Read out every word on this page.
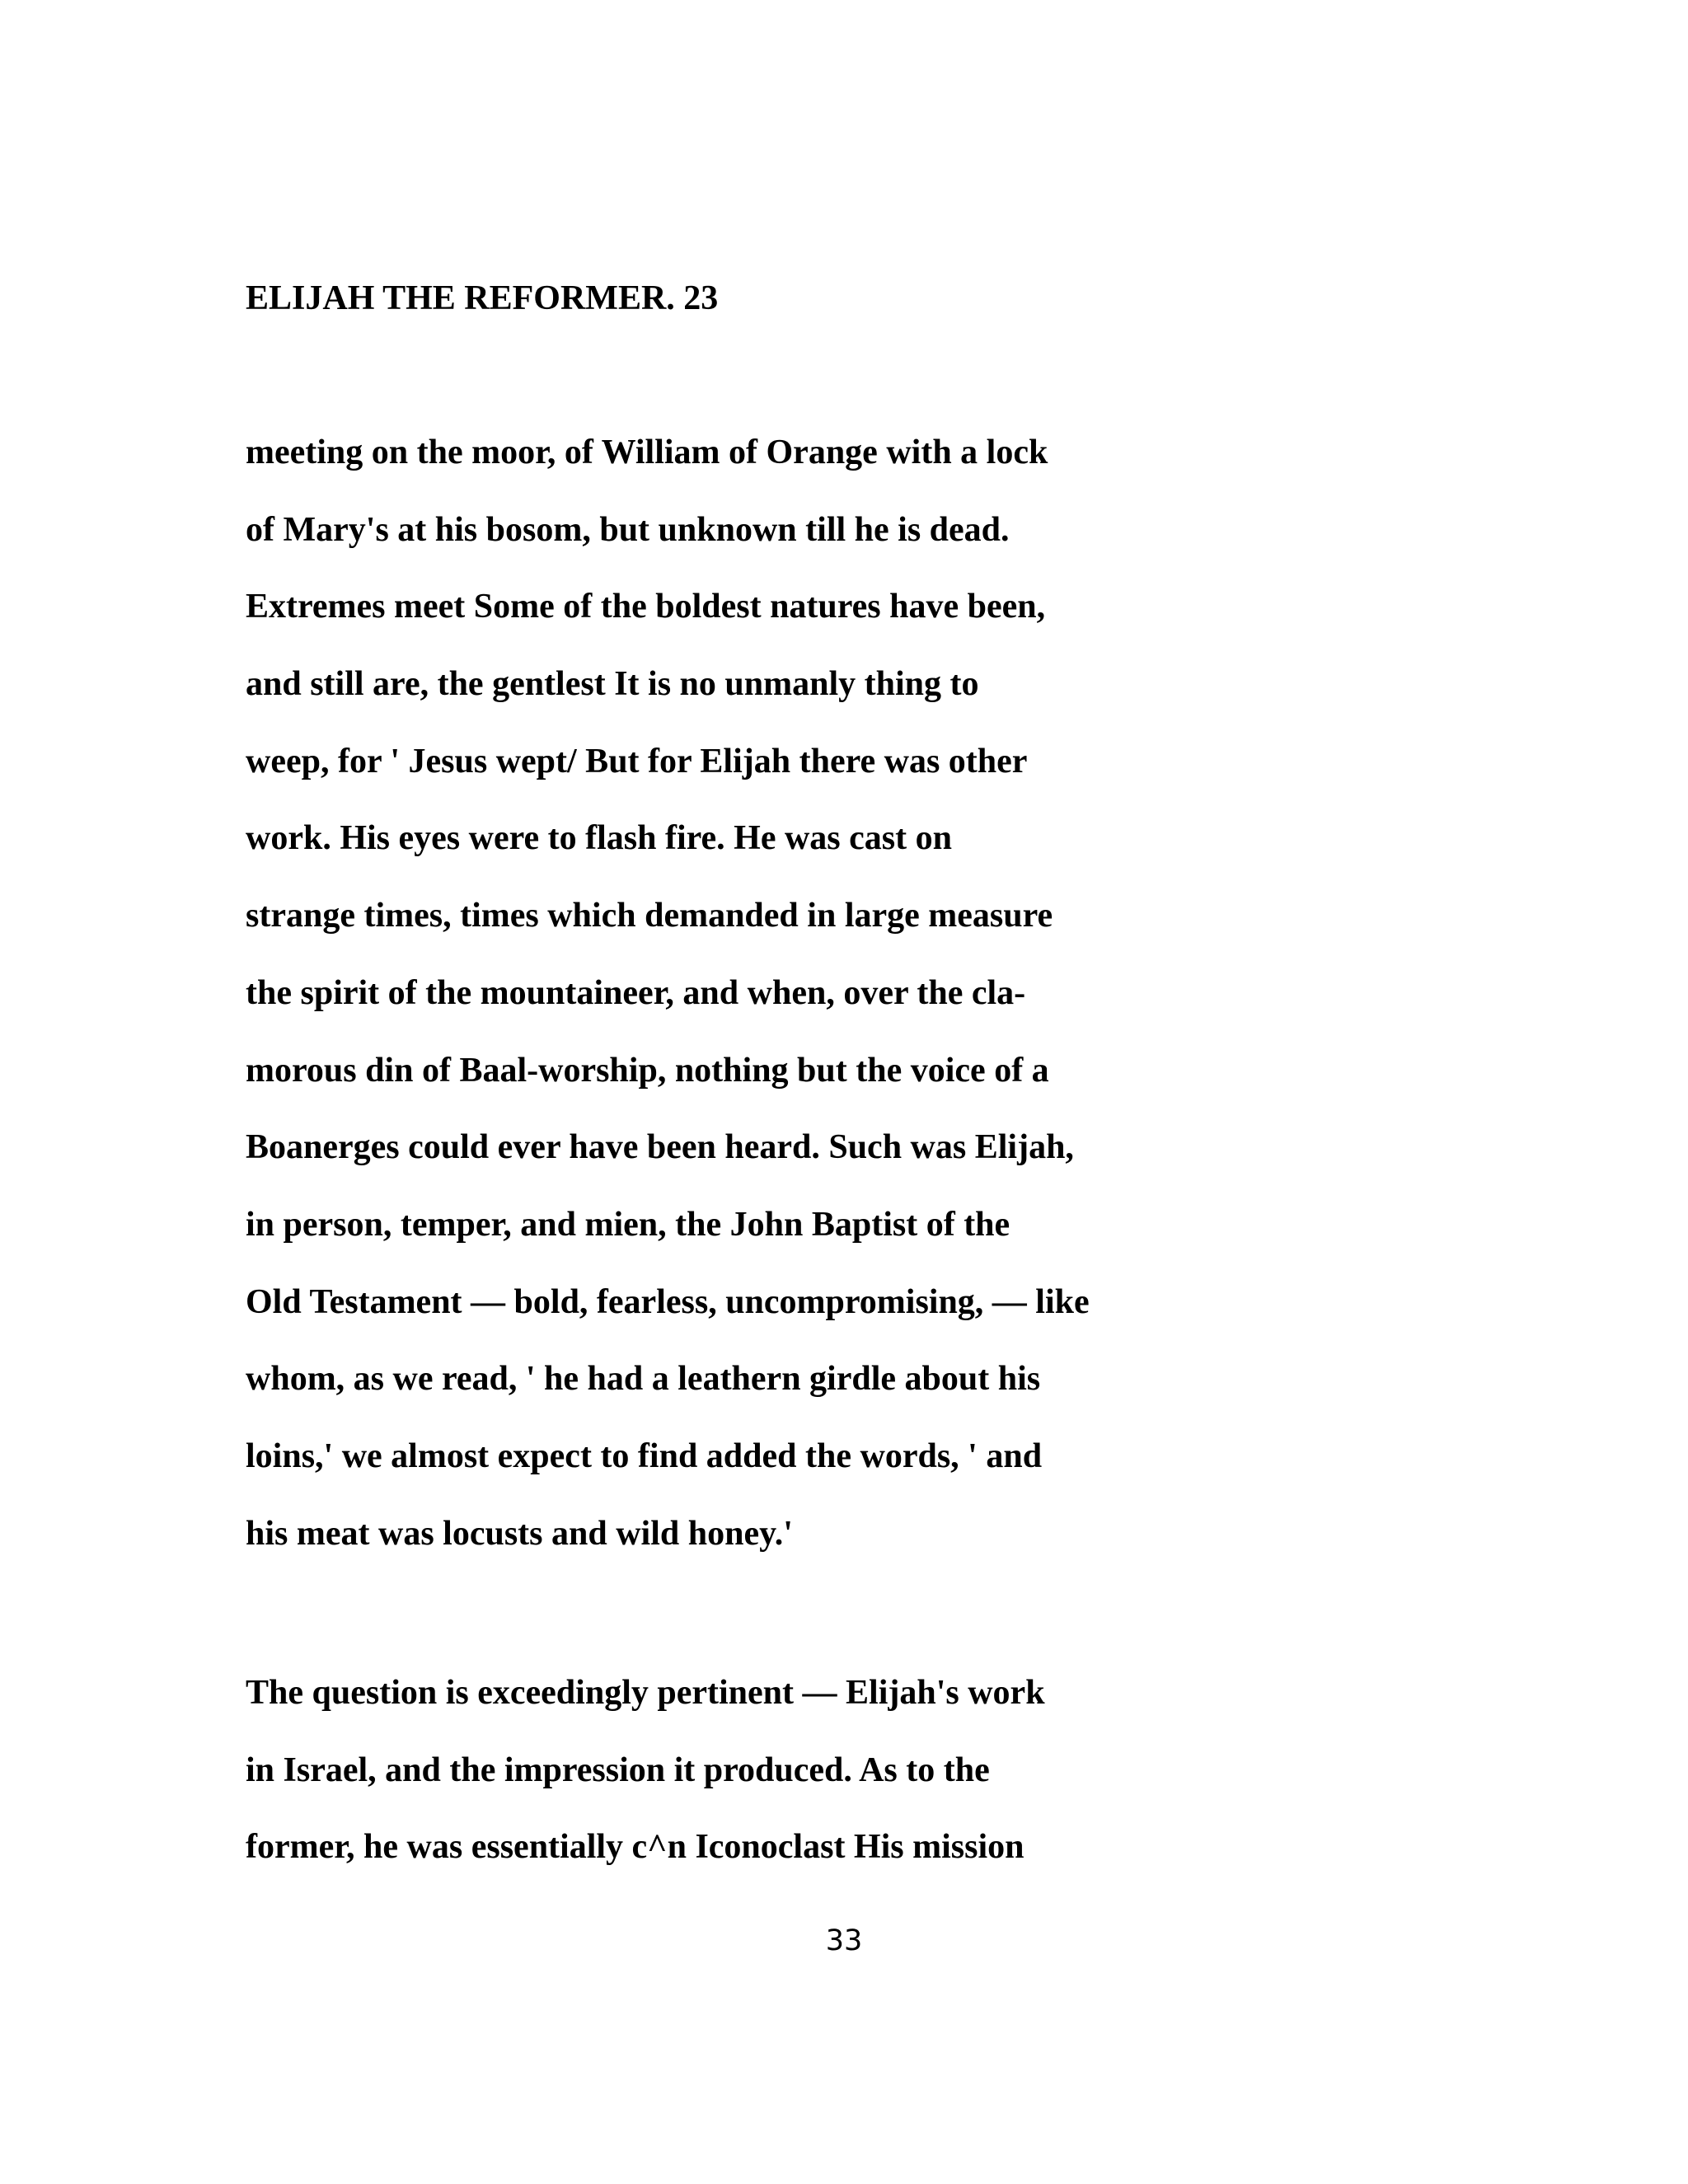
ELIJAH THE REFORMER. 23
meeting on the moor, of William of Orange with a lock
of Mary's at his bosom, but unknown till he is dead.
Extremes meet Some of the boldest natures have been,
and still are, the gentlest It is no unmanly thing to
weep, for ' Jesus wept/ But for Elijah there was other
work. His eyes were to flash fire. He was cast on
strange times, times which demanded in large measure
the spirit of the mountaineer, and when, over the cla-
morous din of Baal-worship, nothing but the voice of a
Boanerges could ever have been heard. Such was Elijah,
in person, temper, and mien, the John Baptist of the
Old Testament — bold, fearless, uncompromising, — like
whom, as we read, ' he had a leathern girdle about his
loins,' we almost expect to find added the words, ' and
his meat was locusts and wild honey.'
The question is exceedingly pertinent — Elijah's work
in Israel, and the impression it produced. As to the
former, he was essentially c^n Iconoclast His mission
33
